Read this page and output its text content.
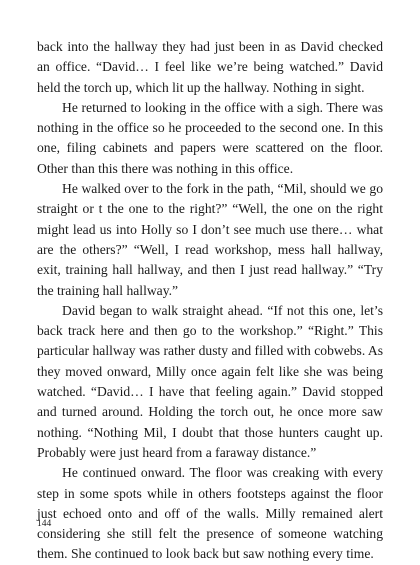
back into the hallway they had just been in as David checked an office. “David… I feel like we’re being watched.” David held the torch up, which lit up the hallway. Nothing in sight.

He returned to looking in the office with a sigh. There was nothing in the office so he proceeded to the second one. In this one, filing cabinets and papers were scattered on the floor. Other than this there was nothing in this office.

He walked over to the fork in the path, “Mil, should we go straight or t the one to the right?” “Well, the one on the right might lead us into Holly so I don’t see much use there… what are the others?” “Well, I read workshop, mess hall hallway, exit, training hall hallway, and then I just read hallway.” “Try the training hall hallway.”

David began to walk straight ahead. “If not this one, let’s back track here and then go to the workshop.” “Right.” This particular hallway was rather dusty and filled with cobwebs. As they moved onward, Milly once again felt like she was being watched. “David… I have that feeling again.” David stopped and turned around. Holding the torch out, he once more saw nothing. “Nothing Mil, I doubt that those hunters caught up. Probably were just heard from a faraway distance.”

He continued onward. The floor was creaking with every step in some spots while in others footsteps against the floor just echoed onto and off of the walls. Milly remained alert considering she still felt the presence of someone watching them. She continued to look back but saw nothing every time.

144
